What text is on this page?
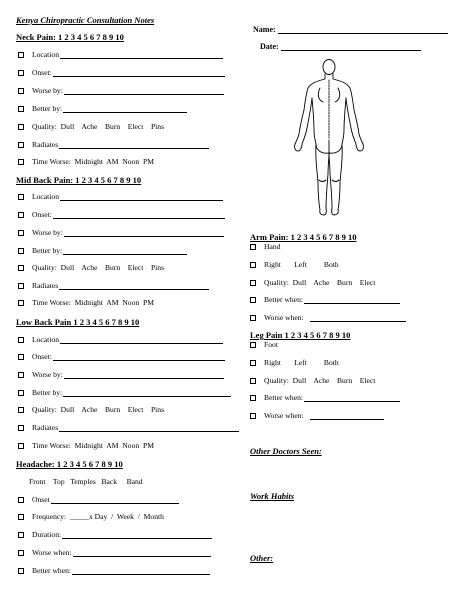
Kenya Chiropractic Consultation Notes
Name:
Date:
Neck Pain: 1 2 3 4 5 6 7 8 9 10
Location
Onset:
Worse by:
Better by:
Quality:  Dull    Ache    Burn    Elect    Pins
Radiates
Time Worse:  Midnight  AM  Noon  PM
Mid Back Pain: 1 2 3 4 5 6 7 8 9 10
Location
Onset:
Worse by:
Better by:
Quality:  Dull    Ache    Burn    Elect    Pins
Radiates
Time Worse:  Midnight  AM  Noon  PM
Low Back Pain 1 2 3 4 5 6 7 8 9 10
Location
Onset:
Worse by:
Better by:
Quality:  Dull    Ache    Burn    Elect    Pins
Radiates
Time Worse:  Midnight  AM  Noon  PM
Headache: 1 2 3 4 5 6 7 8 9 10
Front    Top   Temples   Back     Band
Onset
Frequency:  _____x Day  /  Week  /  Month
Duration:
Worse when:
Better when:
Arm Pain: 1 2 3 4 5 6 7 8 9 10
Hand
Right       Left         Both
Quality:  Dull    Ache    Burn    Elect
Better when:
Worse when:
Leg Pain 1 2 3 4 5 6 7 8 9 10
Foot
Right       Left         Both
Quality:  Dull    Ache    Burn    Elect
Better when:
Worse when:
Other Doctors Seen:
Work Habits
Other:
